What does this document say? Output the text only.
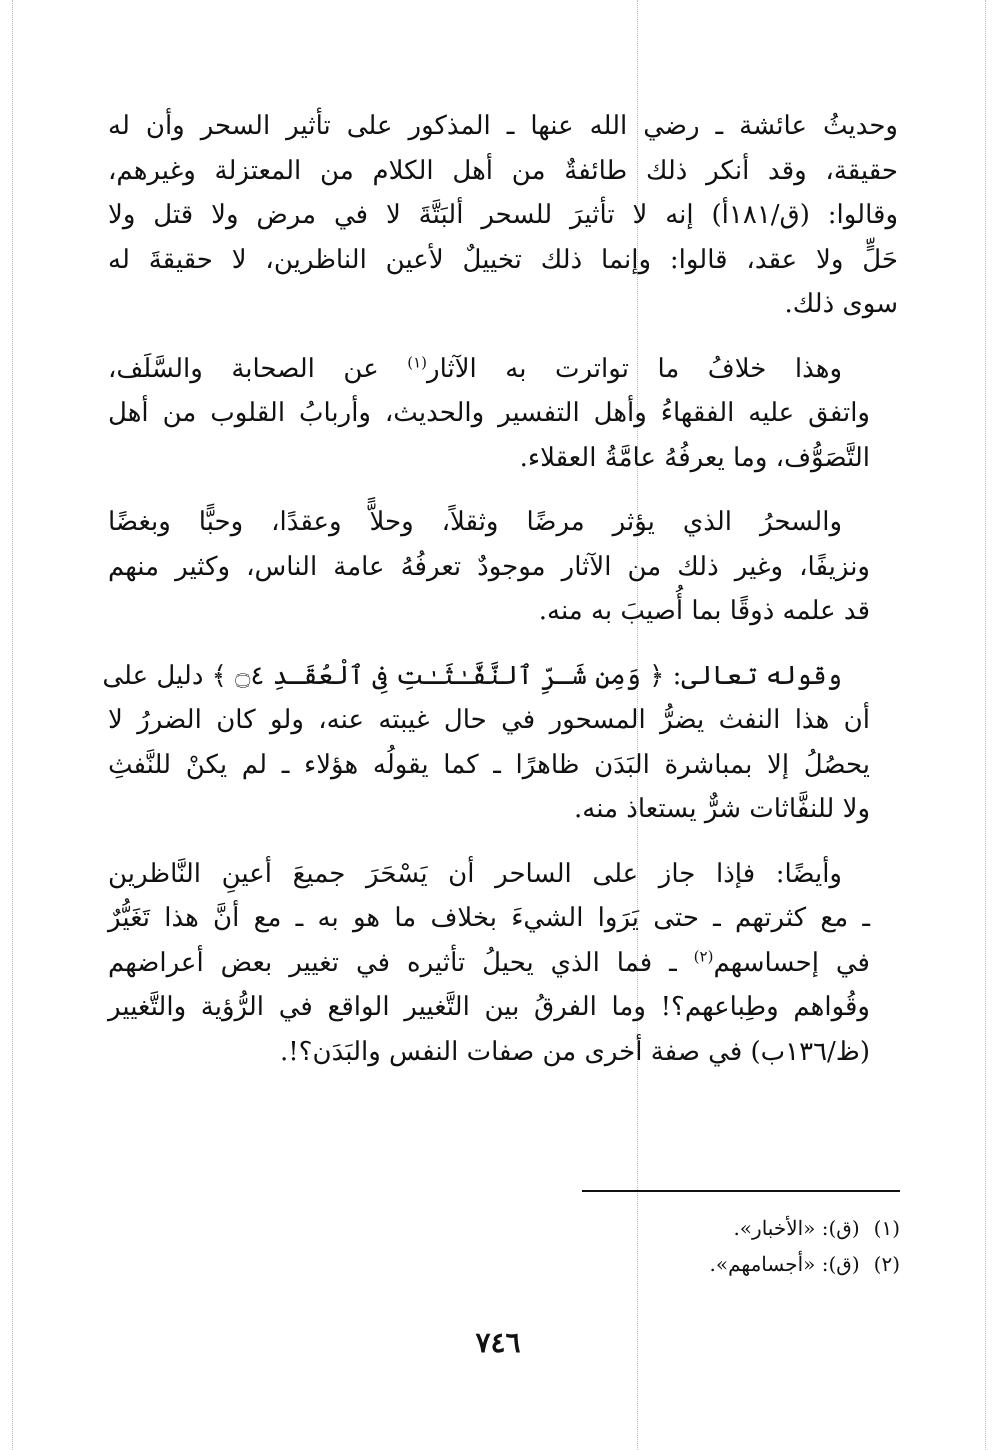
وحديثُ عائشة ـ رضي الله عنها ـ المذكور على تأثير السحر وأن له
حقيقة، وقد أنكر ذلك طائفةٌ من أهل الكلام من المعتزلة وغيرهم،
وقالوا: (ق/١٨١أ) إنه لا تأثيرَ للسحر ألبَتَّةَ لا في مرض ولا قتل ولا
حَلٍّ ولا عقد، قالوا: وإنما ذلك تخييلٌ لأعين الناظرين، لا حقيقةَ له
سوى ذلك.

وهذا خلافُ ما تواترت به الآثار$^{(١)}$ عن الصحابة والسَّلَف،
واتفق عليه الفقهاءُ وأهل التفسير والحديث، وأربابُ القلوب من أهل
التَّصَوُّف، وما يعرفُهُ عامَّةُ العقلاء.

والسحرُ الذي يؤثر مرضًا وثقلاً، وحلاًّ وعقدًا، وحبًّا وبغضًا
ونزيفًا، وغير ذلك من الآثار موجودٌ تعرفُهُ عامة الناس، وكثير منهم
قد علمه ذوقًا بما أُصيبَ به منه.

وقوله تعالى: ﴿ وَمِن شَـرِّ ٱلنَّفَّـٰثَـٰتِ فِى ٱلْعُقَـدِ ۝٤ ﴾ دليل على
أن هذا النفث يضرُّ المسحور في حال غيبته عنه، ولو كان الضررُ لا
يحصُلُ إلا بمباشرة البَدَن ظاهرًا ـ كما يقولُه هؤلاء ـ لم يكنْ للنَّفثِ
ولا للنفَّاثات شرٌّ يستعاذ منه.

وأيضًا: فإذا جاز على الساحر أن يَسْحَرَ جميعَ أعينِ النَّاظرين
ـ مع كثرتهم ـ حتى يَرَوا الشيءَ بخلاف ما هو به ـ مع أنَّ هذا تَغَيُّرٌ
في إحساسهم$^{(٢)}$ ـ فما الذي يحيلُ تأثيره في تغيير بعض أعراضهم
وقُواهم وطِباعهم؟! وما الفرقُ بين التَّغيير الواقع في الرُّؤية والتَّغيير
(ظ/١٣٦ب) في صفة أخرى من صفات النفس والبَدَن؟!.

(١)(ق): «الأخبار».
(٢)(ق): «أجسامهم».
٧٤٦
